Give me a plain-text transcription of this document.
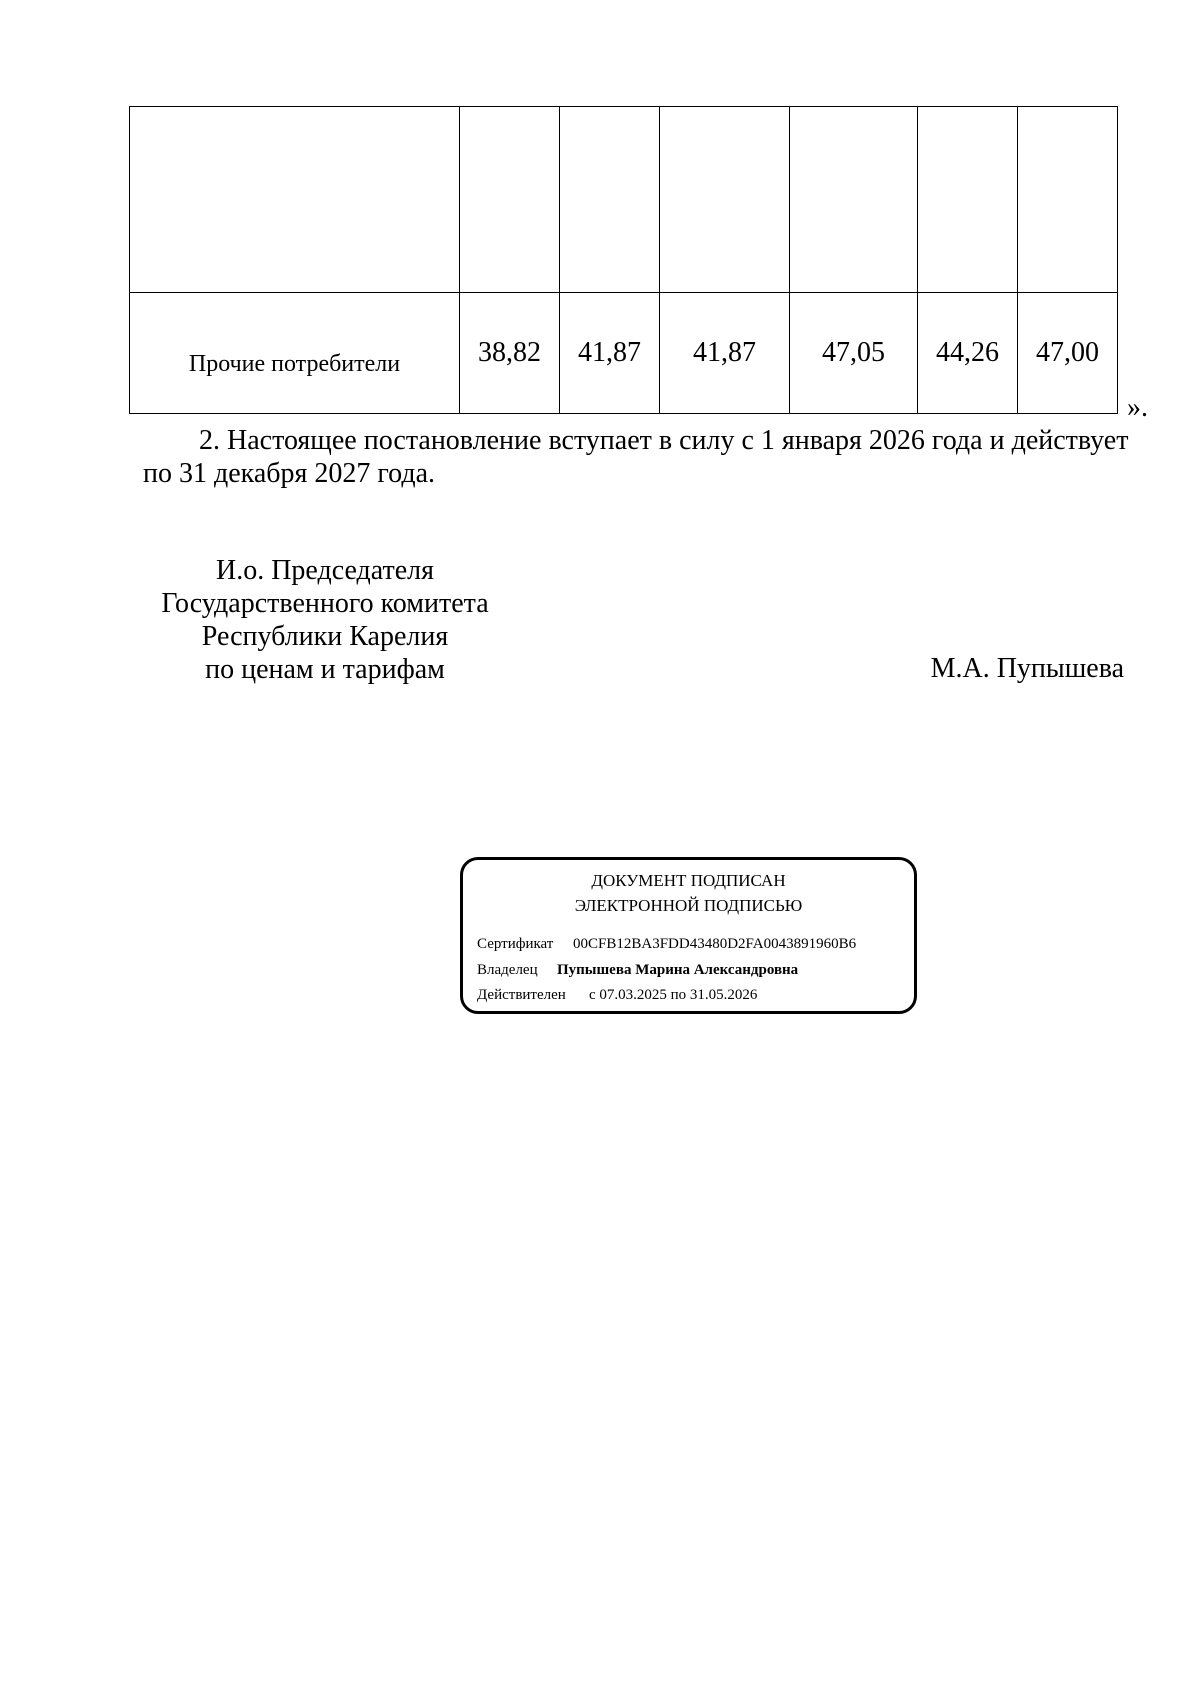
Прочие потребители	38,82	41,87	41,87	47,05	44,26	47,00
».
2. Настоящее постановление вступает в силу с 1 января 2026 года и действует
по 31 декабря 2027 года.
И.о. Председателя
Государственного комитета
Республики Карелия
по ценам и тарифам	М.А. Пупышева
ДОКУМЕНТ ПОДПИСАН
ЭЛЕКТРОННОЙ ПОДПИСЬЮ
Сертификат 00CFB12BA3FDD43480D2FA0043891960B6
Владелец Пупышева Марина Александровна
Действителен с 07.03.2025 по 31.05.2026
